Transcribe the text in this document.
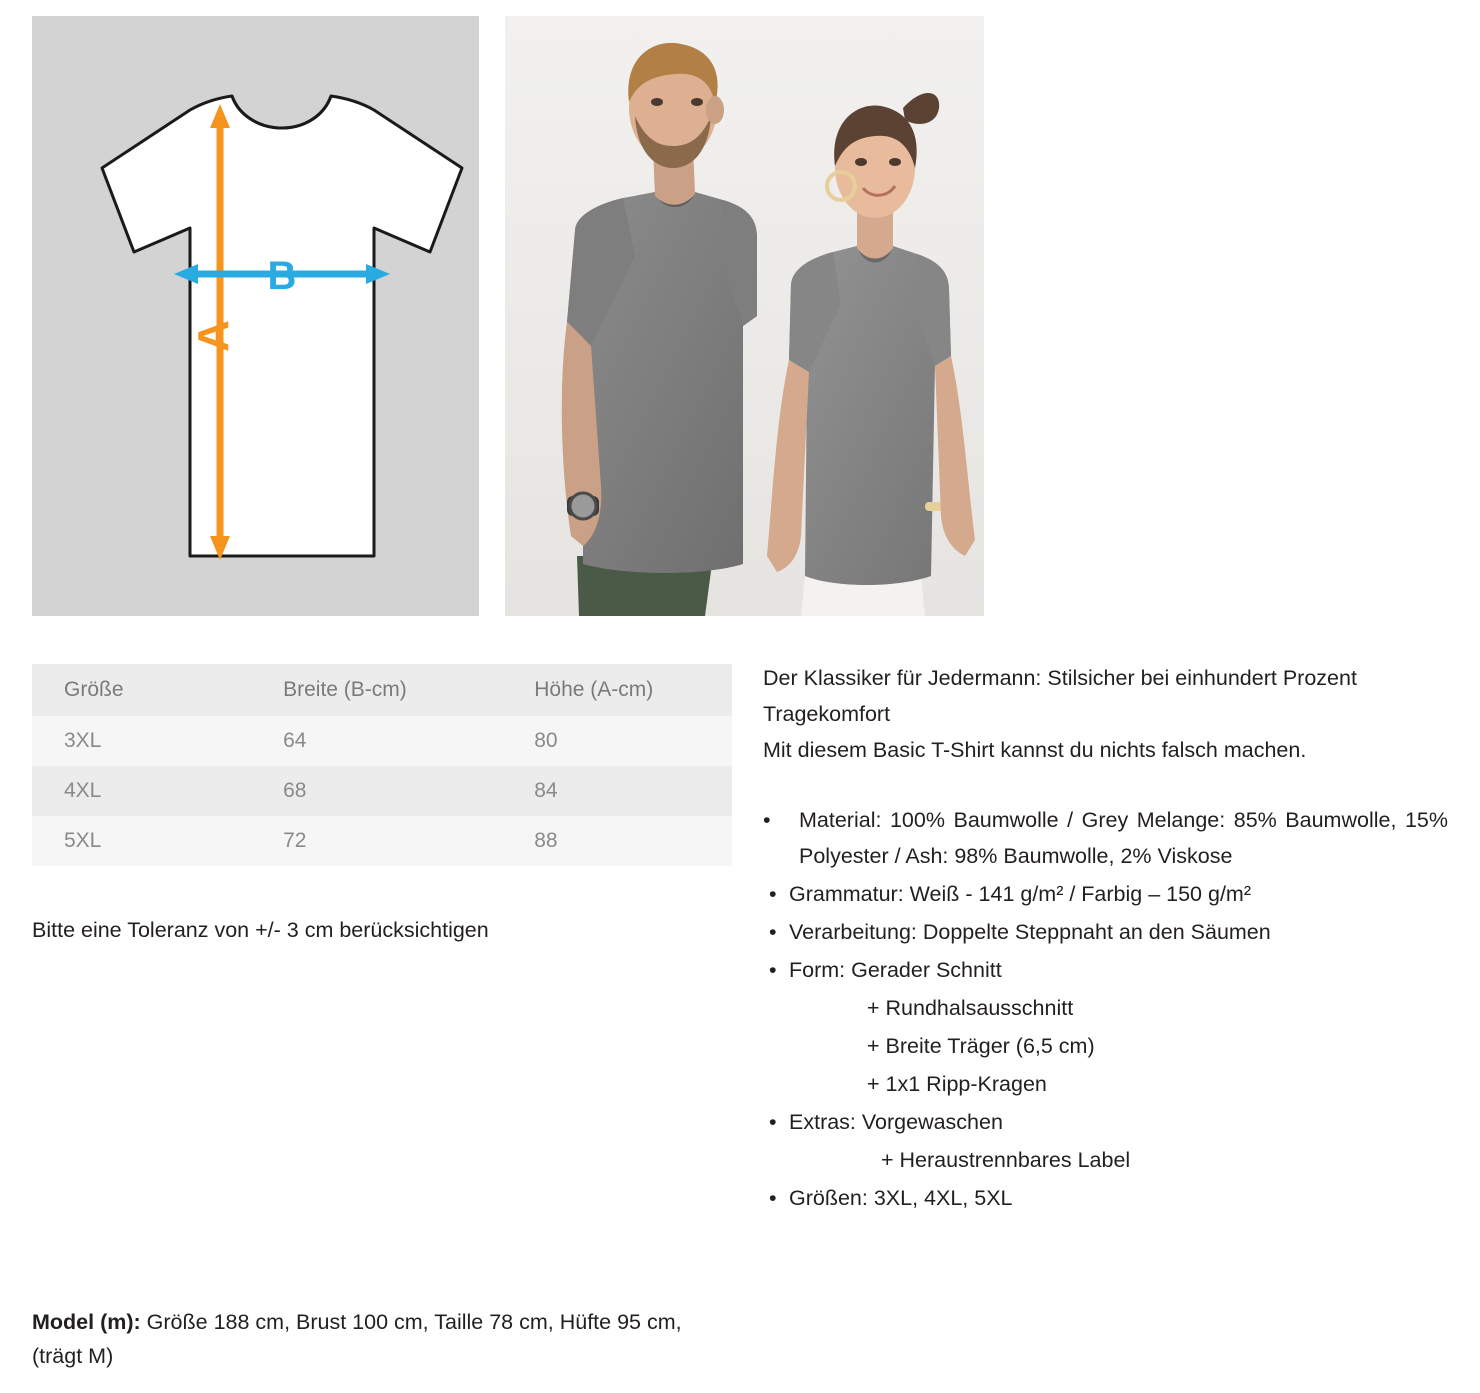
A
B
Größe	Breite (B-cm)	Höhe (A-cm)
3XL	64	80
4XL	68	84
5XL	72	88
Bitte eine Toleranz von +/- 3 cm berücksichtigen
Model (m): Größe 188 cm, Brust 100 cm, Taille 78 cm, Hüfte 95 cm, (trägt M)

Der Klassiker für Jedermann: Stilsicher bei einhundert Prozent Tragekomfort

Mit diesem Basic T-Shirt kannst du nichts falsch machen.

• Material: 100% Baumwolle / Grey Melange: 85% Baumwolle, 15% Polyester / Ash: 98% Baumwolle, 2% Viskose
• Grammatur: Weiß - 141 g/m² / Farbig – 150 g/m²
• Verarbeitung: Doppelte Steppnaht an den Säumen
• Form: Gerader Schnitt
+ Rundhalsausschnitt
+ Breite Träger (6,5 cm)
+ 1x1 Ripp-Kragen
• Extras: Vorgewaschen
+ Heraustrennbares Label
• Größen: 3XL, 4XL, 5XL
